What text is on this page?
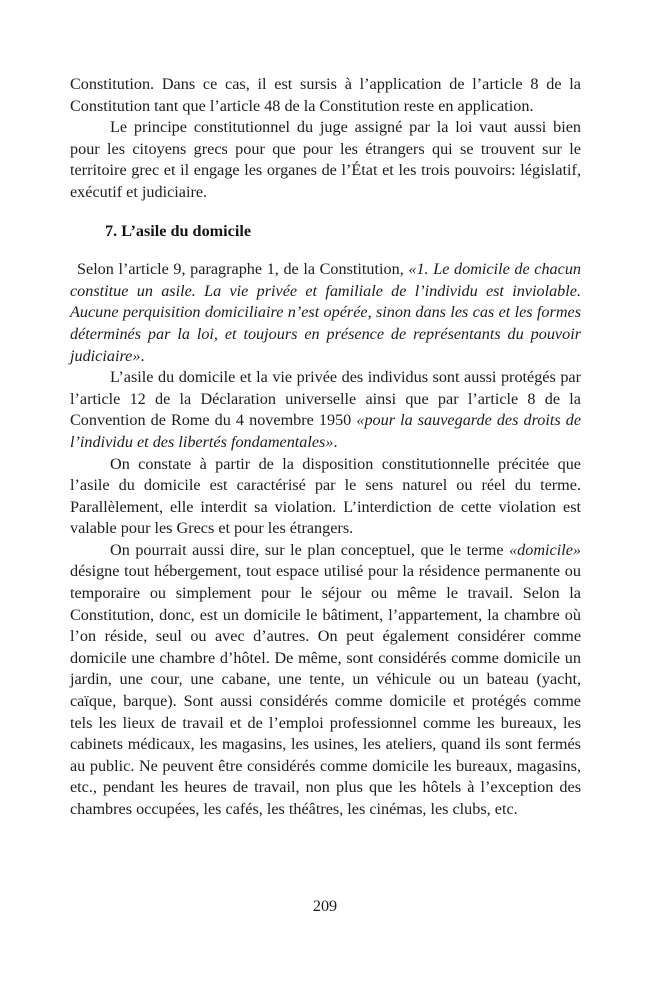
Constitution. Dans ce cas, il est sursis à l’application de l’article 8 de la Constitution tant que l’article 48 de la Constitution reste en application.

Le principe constitutionnel du juge assigné par la loi vaut aussi bien pour les citoyens grecs pour que pour les étrangers qui se trouvent sur le territoire grec et il engage les organes de l’État et les trois pouvoirs: législatif, exécutif et judiciaire.

7. L’asile du domicile

Selon l’article 9, paragraphe 1, de la Constitution, «1. Le domicile de chacun constitue un asile. La vie privée et familiale de l’individu est inviolable. Aucune perquisition domiciliaire n’est opérée, sinon dans les cas et les formes déterminés par la loi, et toujours en présence de représentants du pouvoir judiciaire».

L’asile du domicile et la vie privée des individus sont aussi protégés par l’article 12 de la Déclaration universelle ainsi que par l’article 8 de la Convention de Rome du 4 novembre 1950 «pour la sauvegarde des droits de l’individu et des libertés fondamentales».

On constate à partir de la disposition constitutionnelle précitée que l’asile du domicile est caractérisé par le sens naturel ou réel du terme. Parallèlement, elle interdit sa violation. L’interdiction de cette violation est valable pour les Grecs et pour les étrangers.

On pourrait aussi dire, sur le plan conceptuel, que le terme «domicile» désigne tout hébergement, tout espace utilisé pour la résidence permanente ou temporaire ou simplement pour le séjour ou même le travail. Selon la Constitution, donc, est un domicile le bâtiment, l’appartement, la chambre où l’on réside, seul ou avec d’autres. On peut également considérer comme domicile une chambre d’hôtel. De même, sont considérés comme domicile un jardin, une cour, une cabane, une tente, un véhicule ou un bateau (yacht, caïque, barque). Sont aussi considérés comme domicile et protégés comme tels les lieux de travail et de l’emploi professionnel comme les bureaux, les cabinets médicaux, les magasins, les usines, les ateliers, quand ils sont fermés au public. Ne peuvent être considérés comme domicile les bureaux, magasins, etc., pendant les heures de travail, non plus que les hôtels à l’exception des chambres occupées, les cafés, les théâtres, les cinémas, les clubs, etc.

209
